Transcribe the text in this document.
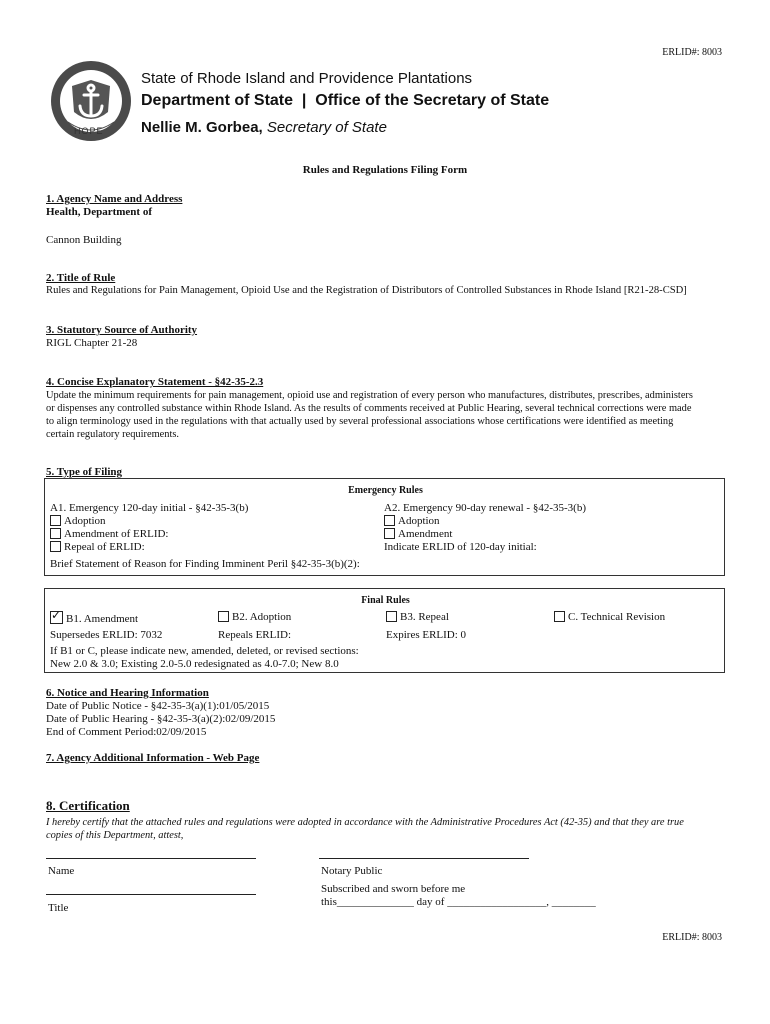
ERLID#: 8003
HOPE
State of Rhode Island and Providence Plantations
Department of State  |  Office of the Secretary of State
Nellie M. Gorbea, Secretary of State
Rules and Regulations Filing Form
1. Agency Name and Address
Health, Department of
Cannon Building
2. Title of Rule
Rules and Regulations for Pain Management, Opioid Use and the Registration of Distributors of Controlled Substances in Rhode Island [R21-28-CSD]
3. Statutory Source of Authority
RIGL Chapter 21-28
4. Concise Explanatory Statement - §42-35-2.3
Update the minimum requirements for pain management, opioid use and registration of every person who manufactures, distributes, prescribes, administers
or dispenses any controlled substance within Rhode Island. As the results of comments received at Public Hearing, several technical corrections were made
to align terminology used in the regulations with that actually used by several professional associations whose certifications were identified as meeting
certain regulatory requirements.
5. Type of Filing
Emergency Rules
A1. Emergency 120-day initial - §42-35-3(b)
Adoption
Amendment of ERLID:
Repeal of ERLID:
A2. Emergency 90-day renewal - §42-35-3(b)
Adoption
Amendment
Indicate ERLID of 120-day initial:
Brief Statement of Reason for Finding Imminent Peril §42-35-3(b)(2):
Final Rules
✓B1. Amendment	B2. Adoption	B3. Repeal	C. Technical Revision
Supersedes ERLID: 7032	Repeals ERLID:	Expires ERLID: 0
If B1 or C, please indicate new, amended, deleted, or revised sections:
New 2.0 & 3.0; Existing 2.0-5.0 redesignated as 4.0-7.0; New 8.0
6. Notice and Hearing Information
Date of Public Notice - §42-35-3(a)(1):01/05/2015
Date of Public Hearing - §42-35-3(a)(2):02/09/2015
End of Comment Period:02/09/2015
7. Agency Additional Information - Web Page
8. Certification
I hereby certify that the attached rules and regulations were adopted in accordance with the Administrative Procedures Act (42-35) and that they are true
copies of this Department, attest,
Name
Title
Notary Public
Subscribed and sworn before me
this______________ day of __________________, ________
ERLID#: 8003
